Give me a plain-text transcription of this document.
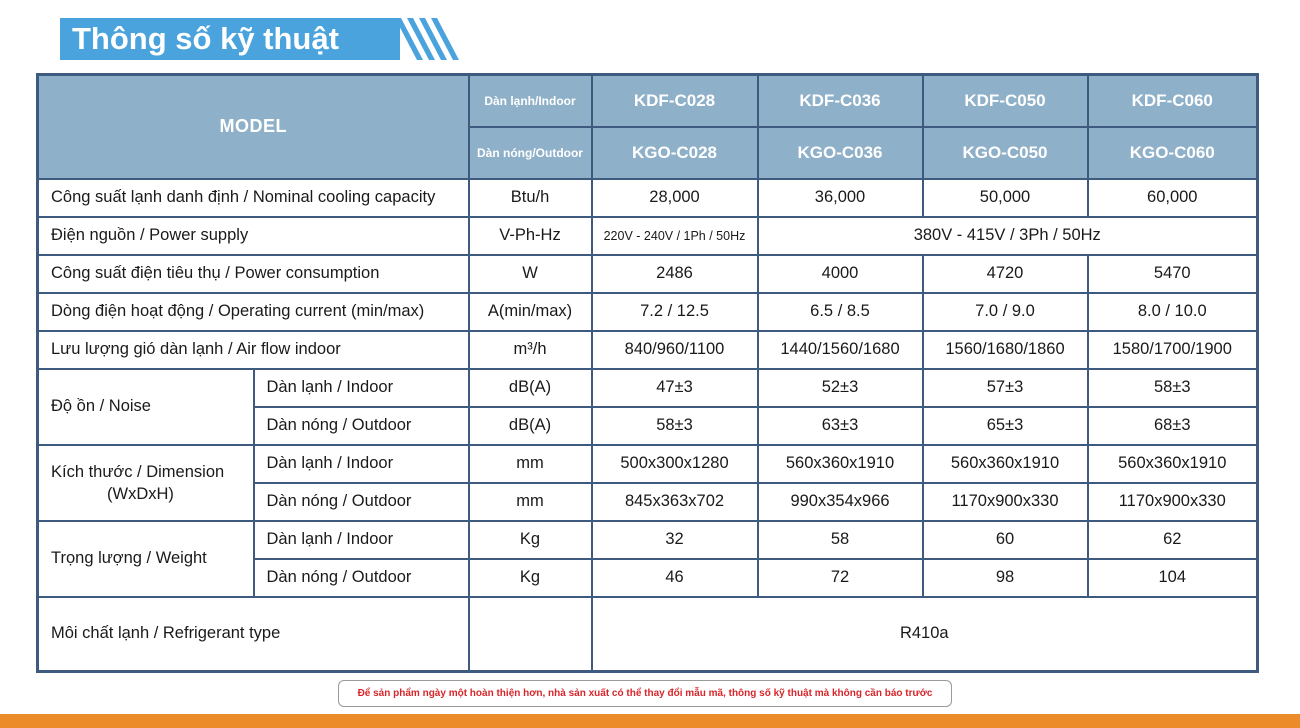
Thông số kỹ thuật
MODEL		Dàn lạnh/Indoor	KDF-C028	KDF-C036	KDF-C050	KDF-C060
		Dàn nóng/Outdoor	KGO-C028	KGO-C036	KGO-C050	KGO-C060
Công suất lạnh danh định / Nominal cooling capacity		Btu/h	28,000	36,000	50,000	60,000
Điện nguồn / Power supply		V-Ph-Hz	220V - 240V / 1Ph / 50Hz	380V - 415V / 3Ph / 50Hz		
Công suất điện tiêu thụ / Power consumption		W	2486	4000	4720	5470
Dòng điện hoạt động / Operating current (min/max)		A(min/max)	7.2 / 12.5	6.5 / 8.5	7.0 / 9.0	8.0 / 10.0
Lưu lượng gió dàn lạnh / Air flow indoor		m³/h	840/960/1100	1440/1560/1680	1560/1680/1860	1580/1700/1900
Độ ồn / Noise	Dàn lạnh / Indoor	dB(A)	47±3	52±3	57±3	58±3
	Dàn nóng / Outdoor	dB(A)	58±3	63±3	65±3	68±3
Kích thước / Dimension
(WxDxH)	Dàn lạnh / Indoor	mm	500x300x1280	560x360x1910	560x360x1910	560x360x1910
	Dàn nóng / Outdoor	mm	845x363x702	990x354x966	1170x900x330	1170x900x330
Trọng lượng / Weight	Dàn lạnh / Indoor	Kg	32	58	60	62
	Dàn nóng / Outdoor	Kg	46	72	98	104
Môi chất lạnh / Refrigerant type			R410a			
Để sản phẩm ngày một hoàn thiện hơn, nhà sản xuất có thể thay đổi mẫu mã, thông số kỹ thuật mà không cần báo trước
